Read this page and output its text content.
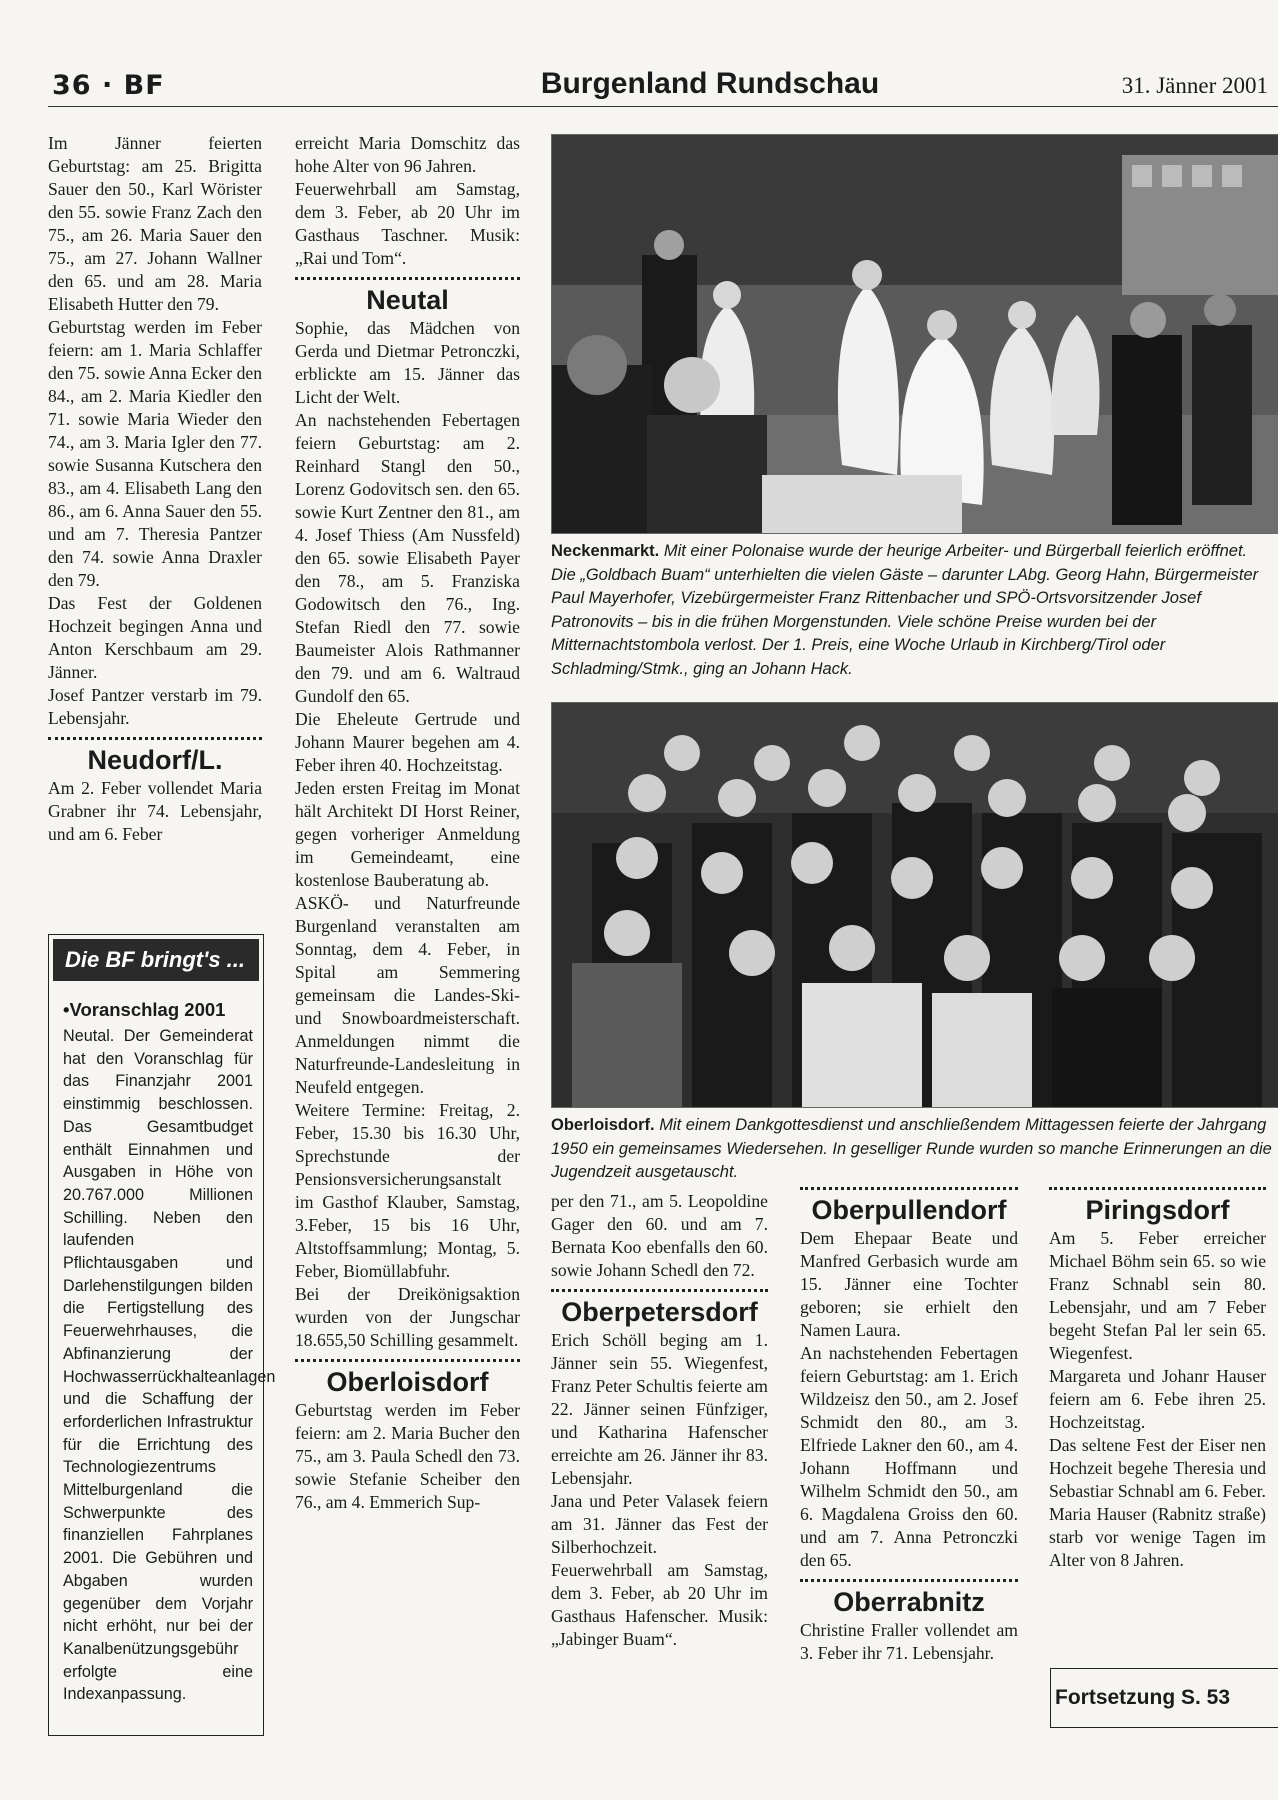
36 · BF	Burgenland Rundschau	31. Jänner 2001

Im Jänner feierten Geburtstag: am 25. Brigitta Sauer den 50., Karl Wörister den 55. sowie Franz Zach den 75., am 26. Maria Sauer den 75., am 27. Johann Wallner den 65. und am 28. Maria Elisabeth Hutter den 79.

Geburtstag werden im Feber feiern: am 1. Maria Schlaffer den 75. sowie Anna Ecker den 84., am 2. Maria Kiedler den 71. sowie Maria Wieder den 74., am 3. Maria Igler den 77. sowie Susanna Kutschera den 83., am 4. Elisabeth Lang den 86., am 6. Anna Sauer den 55. und am 7. Theresia Pantzer den 74. sowie Anna Draxler den 79.

Das Fest der Goldenen Hochzeit begingen Anna und Anton Kerschbaum am 29. Jänner.

Josef Pantzer verstarb im 79. Lebensjahr.

Neudorf/L.

Am 2. Feber vollendet Maria Grabner ihr 74. Lebensjahr, und am 6. Feber

Die BF bringt's ...
•Voranschlag 2001

Neutal. Der Gemeinderat hat den Voranschlag für das Finanzjahr 2001 einstimmig beschlossen. Das Gesamtbudget enthält Einnahmen und Ausgaben in Höhe von 20.767.000 Millionen Schilling. Neben den laufenden Pflichtausgaben und Darlehenstilgungen bilden die Fertigstellung des Feuerwehrhauses, die Abfinanzierung der Hochwasserrückhalteanlagen und die Schaffung der erforderlichen Infrastruktur für die Errichtung des Technologiezentrums Mittelburgenland die Schwerpunkte des finanziellen Fahrplanes 2001. Die Gebühren und Abgaben wurden gegenüber dem Vorjahr nicht erhöht, nur bei der Kanalbenützungsgebühr erfolgte eine Indexanpassung.

erreicht Maria Domschitz das hohe Alter von 96 Jahren.

Feuerwehrball am Samstag, dem 3. Feber, ab 20 Uhr im Gasthaus Taschner. Musik: „Rai und Tom“.

Neutal

Sophie, das Mädchen von Gerda und Dietmar Petronczki, erblickte am 15. Jänner das Licht der Welt.

An nachstehenden Febertagen feiern Geburtstag: am 2. Reinhard Stangl den 50., Lorenz Godovitsch sen. den 65. sowie Kurt Zentner den 81., am 4. Josef Thiess (Am Nussfeld) den 65. sowie Elisabeth Payer den 78., am 5. Franziska Godowitsch den 76., Ing. Stefan Riedl den 77. sowie Baumeister Alois Rathmanner den 79. und am 6. Waltraud Gundolf den 65.

Die Eheleute Gertrude und Johann Maurer begehen am 4. Feber ihren 40. Hochzeitstag.

Jeden ersten Freitag im Monat hält Architekt DI Horst Reiner, gegen vorheriger Anmeldung im Gemeindeamt, eine kostenlose Bauberatung ab.

ASKÖ- und Naturfreunde Burgenland veranstalten am Sonntag, dem 4. Feber, in Spital am Semmering gemeinsam die Landes-Ski- und Snowboardmeisterschaft. Anmeldungen nimmt die Naturfreunde-Landesleitung in Neufeld entgegen.

Weitere Termine: Freitag, 2. Feber, 15.30 bis 16.30 Uhr, Sprechstunde der Pensionsversicherungsanstalt im Gasthof Klauber, Samstag, 3.Feber, 15 bis 16 Uhr, Altstoffsammlung; Montag, 5. Feber, Biomüllabfuhr.

Bei der Dreikönigsaktion wurden von der Jungschar 18.655,50 Schilling gesammelt.

Oberloisdorf

Geburtstag werden im Feber feiern: am 2. Maria Bucher den 75., am 3. Paula Schedl den 73. sowie Stefanie Scheiber den 76., am 4. Emmerich Sup-

Neckenmarkt. Mit einer Polonaise wurde der heurige Arbeiter- und Bürgerball feierlich eröffnet. Die „Goldbach Buam“ unterhielten die vielen Gäste – darunter LAbg. Georg Hahn, Bürgermeister Paul Mayerhofer, Vizebürgermeister Franz Rittenbacher und SPÖ-Ortsvorsitzender Josef Patronovits – bis in die frühen Morgenstunden. Viele schöne Preise wurden bei der Mitternachtstombola verlost. Der 1. Preis, eine Woche Urlaub in Kirchberg/Tirol oder Schladming/Stmk., ging an Johann Hack.
Oberloisdorf. Mit einem Dankgottesdienst und anschließendem Mittagessen feierte der Jahrgang 1950 ein gemeinsames Wiedersehen. In geselliger Runde wurden so manche Erinnerungen an die Jugendzeit ausgetauscht.

per den 71., am 5. Leopoldine Gager den 60. und am 7. Bernata Koo ebenfalls den 60. sowie Johann Schedl den 72.

Oberpetersdorf

Erich Schöll beging am 1. Jänner sein 55. Wiegenfest, Franz Peter Schultis feierte am 22. Jänner seinen Fünfziger, und Katharina Hafenscher erreichte am 26. Jänner ihr 83. Lebensjahr.

Jana und Peter Valasek feiern am 31. Jänner das Fest der Silberhochzeit.

Feuerwehrball am Samstag, dem 3. Feber, ab 20 Uhr im Gasthaus Hafenscher. Musik: „Jabinger Buam“.

Oberpullendorf

Dem Ehepaar Beate und Manfred Gerbasich wurde am 15. Jänner eine Tochter geboren; sie erhielt den Namen Laura.

An nachstehenden Febertagen feiern Geburtstag: am 1. Erich Wildzeisz den 50., am 2. Josef Schmidt den 80., am 3. Elfriede Lakner den 60., am 4. Johann Hoffmann und Wilhelm Schmidt den 50., am 6. Magdalena Groiss den 60. und am 7. Anna Petronczki den 65.

Oberrabnitz

Christine Fraller vollendet am 3. Feber ihr 71. Lebensjahr.

Piringsdorf

Am 5. Feber erreicher Michael Böhm sein 65. so wie Franz Schnabl sein 80. Lebensjahr, und am 7 Feber begeht Stefan Pal ler sein 65. Wiegenfest.

Margareta und Johanr Hauser feiern am 6. Febe ihren 25. Hochzeitstag.

Das seltene Fest der Eiser nen Hochzeit begehe Theresia und Sebastiar Schnabl am 6. Feber.

Maria Hauser (Rabnitz straße) starb vor wenige Tagen im Alter von 8 Jahren.

Fortsetzung S. 53
